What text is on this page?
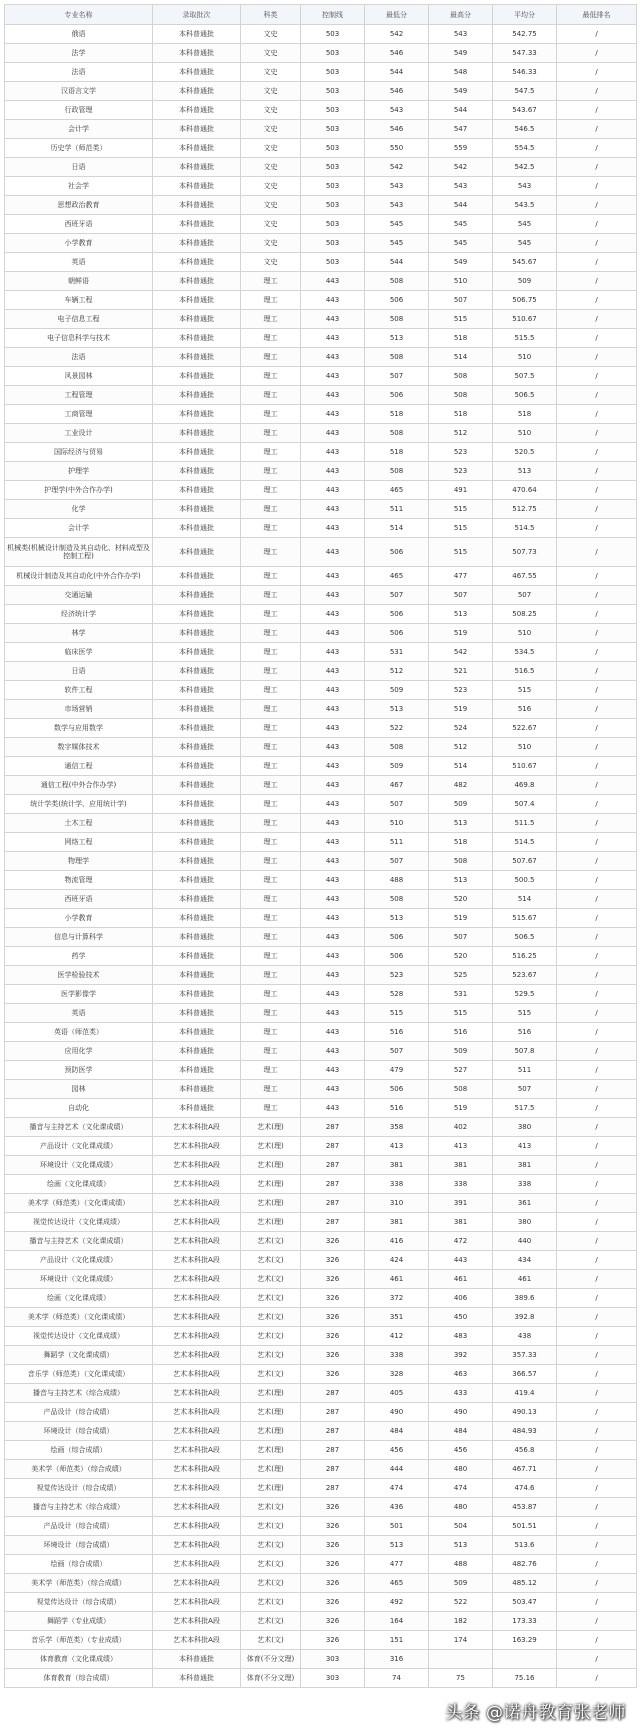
专业名称	录取批次	科类	控制线	最低分	最高分	平均分	最低排名
俄语	本科普通批	文史	503	542	543	542.75	/
法学	本科普通批	文史	503	546	549	547.33	/
法语	本科普通批	文史	503	544	548	546.33	/
汉语言文学	本科普通批	文史	503	546	549	547.5	/
行政管理	本科普通批	文史	503	543	544	543.67	/
会计学	本科普通批	文史	503	546	547	546.5	/
历史学（师范类）	本科普通批	文史	503	550	559	554.5	/
日语	本科普通批	文史	503	542	542	542.5	/
社会学	本科普通批	文史	503	543	543	543	/
思想政治教育	本科普通批	文史	503	543	544	543.5	/
西班牙语	本科普通批	文史	503	545	545	545	/
小学教育	本科普通批	文史	503	545	545	545	/
英语	本科普通批	文史	503	544	549	545.67	/
朝鲜语	本科普通批	理工	443	508	510	509	/
车辆工程	本科普通批	理工	443	506	507	506.75	/
电子信息工程	本科普通批	理工	443	508	515	510.67	/
电子信息科学与技术	本科普通批	理工	443	513	518	515.5	/
法语	本科普通批	理工	443	508	514	510	/
风景园林	本科普通批	理工	443	507	508	507.5	/
工程管理	本科普通批	理工	443	506	508	506.5	/
工商管理	本科普通批	理工	443	518	518	518	/
工业设计	本科普通批	理工	443	508	512	510	/
国际经济与贸易	本科普通批	理工	443	518	523	520.5	/
护理学	本科普通批	理工	443	508	523	513	/
护理学(中外合作办学)	本科普通批	理工	443	465	491	470.64	/
化学	本科普通批	理工	443	511	515	512.75	/
会计学	本科普通批	理工	443	514	515	514.5	/
机械类(机械设计制造及其自动化、材料成型及控制工程)	本科普通批	理工	443	506	515	507.73	/
机械设计制造及其自动化(中外合作办学)	本科普通批	理工	443	465	477	467.55	/
交通运输	本科普通批	理工	443	507	507	507	/
经济统计学	本科普通批	理工	443	506	513	508.25	/
林学	本科普通批	理工	443	506	519	510	/
临床医学	本科普通批	理工	443	531	542	534.5	/
日语	本科普通批	理工	443	512	521	516.5	/
软件工程	本科普通批	理工	443	509	523	515	/
市场营销	本科普通批	理工	443	513	519	516	/
数学与应用数学	本科普通批	理工	443	522	524	522.67	/
数字媒体技术	本科普通批	理工	443	508	512	510	/
通信工程	本科普通批	理工	443	509	514	510.67	/
通信工程(中外合作办学)	本科普通批	理工	443	467	482	469.8	/
统计学类(统计学、应用统计学)	本科普通批	理工	443	507	509	507.4	/
土木工程	本科普通批	理工	443	510	513	511.5	/
网络工程	本科普通批	理工	443	511	518	514.5	/
物理学	本科普通批	理工	443	507	508	507.67	/
物流管理	本科普通批	理工	443	488	513	500.5	/
西班牙语	本科普通批	理工	443	508	520	514	/
小学教育	本科普通批	理工	443	513	519	515.67	/
信息与计算科学	本科普通批	理工	443	506	507	506.5	/
药学	本科普通批	理工	443	506	520	516.25	/
医学检验技术	本科普通批	理工	443	523	525	523.67	/
医学影像学	本科普通批	理工	443	528	531	529.5	/
英语	本科普通批	理工	443	515	515	515	/
英语（师范类）	本科普通批	理工	443	516	516	516	/
应用化学	本科普通批	理工	443	507	509	507.8	/
预防医学	本科普通批	理工	443	479	527	511	/
园林	本科普通批	理工	443	506	508	507	/
自动化	本科普通批	理工	443	516	519	517.5	/
播音与主持艺术（文化课成绩）	艺术本科批A段	艺术(理)	287	358	402	380	/
产品设计（文化课成绩）	艺术本科批A段	艺术(理)	287	413	413	413	/
环境设计（文化课成绩）	艺术本科批A段	艺术(理)	287	381	381	381	/
绘画（文化课成绩）	艺术本科批A段	艺术(理)	287	338	338	338	/
美术学（师范类）（文化课成绩）	艺术本科批A段	艺术(理)	287	310	391	361	/
视觉传达设计（文化课成绩）	艺术本科批A段	艺术(理)	287	381	381	380	/
播音与主持艺术（文化课成绩）	艺术本科批A段	艺术(文)	326	416	472	440	/
产品设计（文化课成绩）	艺术本科批A段	艺术(文)	326	424	443	434	/
环境设计（文化课成绩）	艺术本科批A段	艺术(文)	326	461	461	461	/
绘画（文化课成绩）	艺术本科批A段	艺术(文)	326	372	406	389.6	/
美术学（师范类）（文化课成绩）	艺术本科批A段	艺术(文)	326	351	450	392.8	/
视觉传达设计（文化课成绩）	艺术本科批A段	艺术(文)	326	412	483	438	/
舞蹈学（文化课成绩）	艺术本科批A段	艺术(文)	326	338	392	357.33	/
音乐学（师范类）（文化课成绩）	艺术本科批A段	艺术(文)	326	328	463	366.57	/
播音与主持艺术（综合成绩）	艺术本科批A段	艺术(理)	287	405	433	419.4	/
产品设计（综合成绩）	艺术本科批A段	艺术(理)	287	490	490	490.13	/
环境设计（综合成绩）	艺术本科批A段	艺术(理)	287	484	484	484.93	/
绘画（综合成绩）	艺术本科批A段	艺术(理)	287	456	456	456.8	/
美术学（师范类）（综合成绩）	艺术本科批A段	艺术(理)	287	444	480	467.71	/
视觉传达设计（综合成绩）	艺术本科批A段	艺术(理)	287	474	474	474.6	/
播音与主持艺术（综合成绩）	艺术本科批A段	艺术(文)	326	436	480	453.87	/
产品设计（综合成绩）	艺术本科批A段	艺术(文)	326	501	504	501.51	/
环境设计（综合成绩）	艺术本科批A段	艺术(文)	326	513	513	513.6	/
绘画（综合成绩）	艺术本科批A段	艺术(文)	326	477	488	482.76	/
美术学（师范类）（综合成绩）	艺术本科批A段	艺术(文)	326	465	509	485.12	/
视觉传达设计（综合成绩）	艺术本科批A段	艺术(文)	326	492	522	503.47	/
舞蹈学（专业成绩）	艺术本科批A段	艺术(文)	326	164	182	173.33	/
音乐学（师范类）（专业成绩）	艺术本科批A段	艺术(文)	326	151	174	163.29	/
体育教育（文化课成绩）	本科普通批	体育(不分文理)	303	316			/
体育教育（综合成绩）	本科普通批	体育(不分文理)	303	74	75	75.16	/
头条 @诺舟教育张老师
